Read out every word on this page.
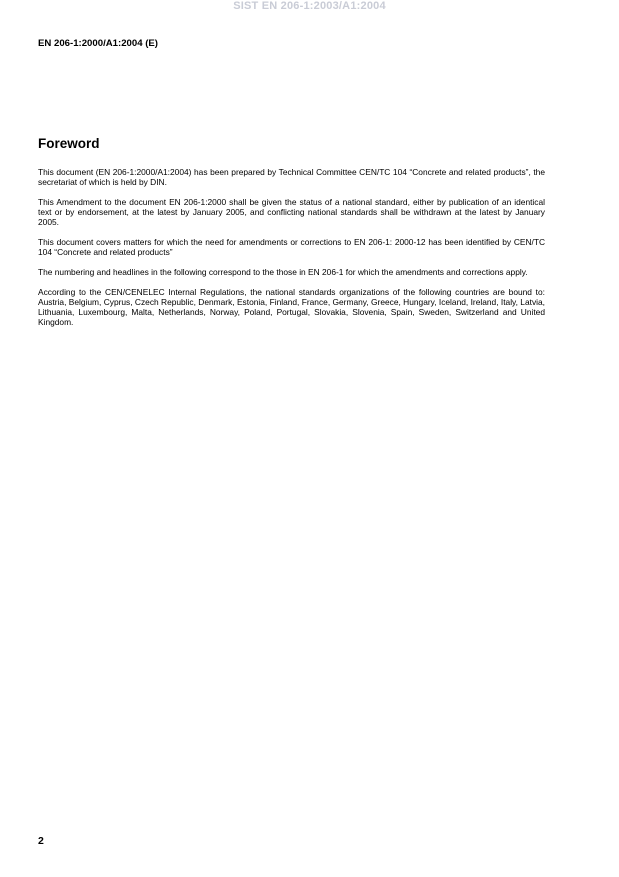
SIST EN 206-1:2003/A1:2004
EN 206-1:2000/A1:2004 (E)
Foreword

This document (EN 206-1:2000/A1:2004) has been prepared by Technical Committee CEN/TC 104 “Concrete and related products”, the secretariat of which is held by DIN.

This Amendment to the document EN 206-1:2000 shall be given the status of a national standard, either by publication of an identical text or by endorsement, at the latest by January 2005, and conflicting national standards shall be withdrawn at the latest by January 2005.

This document covers matters for which the need for amendments or corrections to EN 206-1: 2000-12 has been identified by CEN/TC 104 “Concrete and related products”

The numbering and headlines in the following correspond to the those in EN 206-1 for which the amendments and corrections apply.

According to the CEN/CENELEC Internal Regulations, the national standards organizations of the following countries are bound to: Austria, Belgium, Cyprus, Czech Republic, Denmark, Estonia, Finland, France, Germany, Greece, Hungary, Iceland, Ireland, Italy, Latvia, Lithuania, Luxembourg, Malta, Netherlands, Norway, Poland, Portugal, Slovakia, Slovenia, Spain, Sweden, Switzerland and United Kingdom.

2
